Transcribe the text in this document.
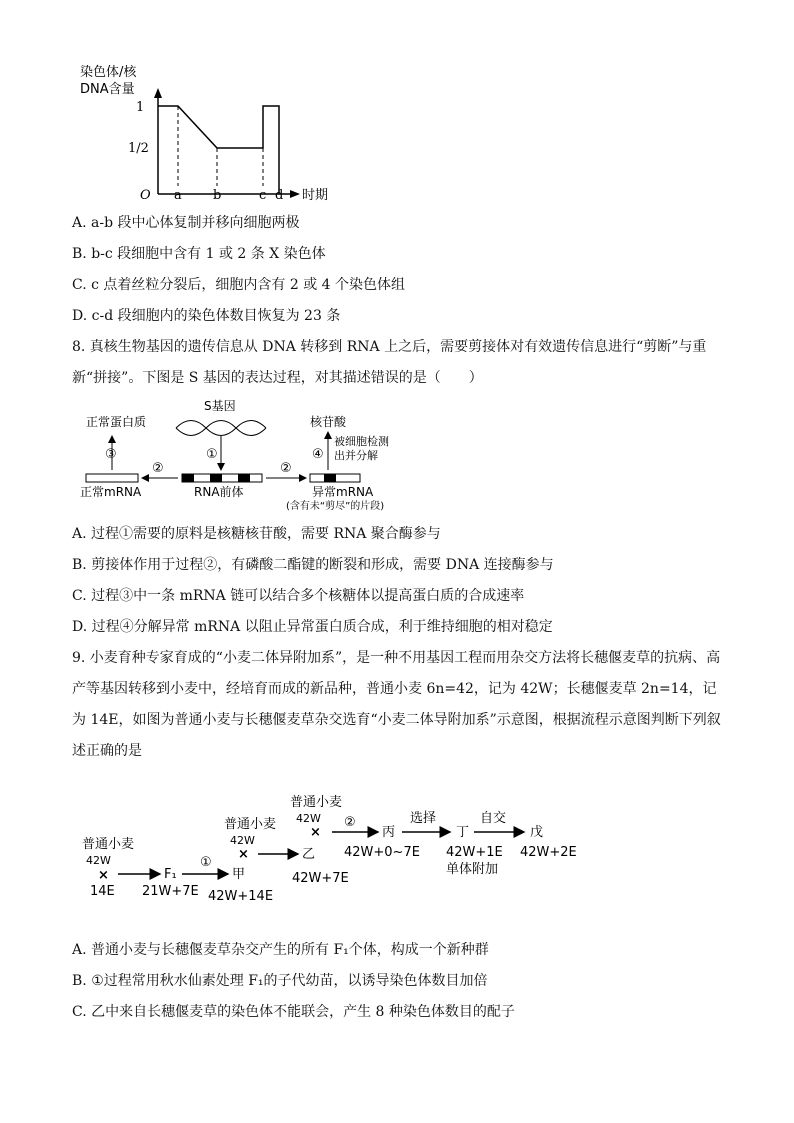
染色体/核
DNA含量
1
1/2
O a b	c d 时期
A. a-b 段中心体复制并移向细胞两极
B. b-c 段细胞中含有 1 或 2 条 X 染色体
C. c 点着丝粒分裂后，细胞内含有 2 或 4 个染色体组
D. c-d 段细胞内的染色体数目恢复为 23 条
8. 真核生物基因的遗传信息从 DNA 转移到 RNA 上之后，需要剪接体对有效遗传信息进行“剪断”与重
新“拼接”。下图是 S 基因的表达过程，对其描述错误的是（　　）
S基因
①
正常蛋白质
③
RNA前体
②
正常mRNA
②
异常mRNA
(含有未“剪尽”的片段)
④
核苷酸
被细胞检测
出并分解
A. 过程①需要的原料是核糖核苷酸，需要 RNA 聚合酶参与
B. 剪接体作用于过程②，有磷酸二酯键的断裂和形成，需要 DNA 连接酶参与
C. 过程③中一条 mRNA 链可以结合多个核糖体以提高蛋白质的合成速率
D. 过程④分解异常 mRNA 以阻止异常蛋白质合成，利于维持细胞的相对稳定
9. 小麦育种专家育成的“小麦二体异附加系”，是一种不用基因工程而用杂交方法将长穗偃麦草的抗病、高
产等基因转移到小麦中，经培育而成的新品种，普通小麦 6n=42，记为 42W；长穗偃麦草 2n=14，记
为 14E，如图为普通小麦与长穗偃麦草杂交选育“小麦二体导附加系”示意图，根据流程示意图判断下列叙
述正确的是
普通小麦
42W
×
14E
F₁
21W+7E
①
甲
42W+14E
普通小麦
42W
×	乙
42W+7E
普通小麦
42W
×
②
丙
42W+0~7E
选择
丁
42W+1E
单体附加
自交
戊
42W+2E
A. 普通小麦与长穗偃麦草杂交产生的所有 F₁个体，构成一个新种群
B. ①过程常用秋水仙素处理 F₁的子代幼苗，以诱导染色体数目加倍
C. 乙中来自长穗偃麦草的染色体不能联会，产生 8 种染色体数目的配子
